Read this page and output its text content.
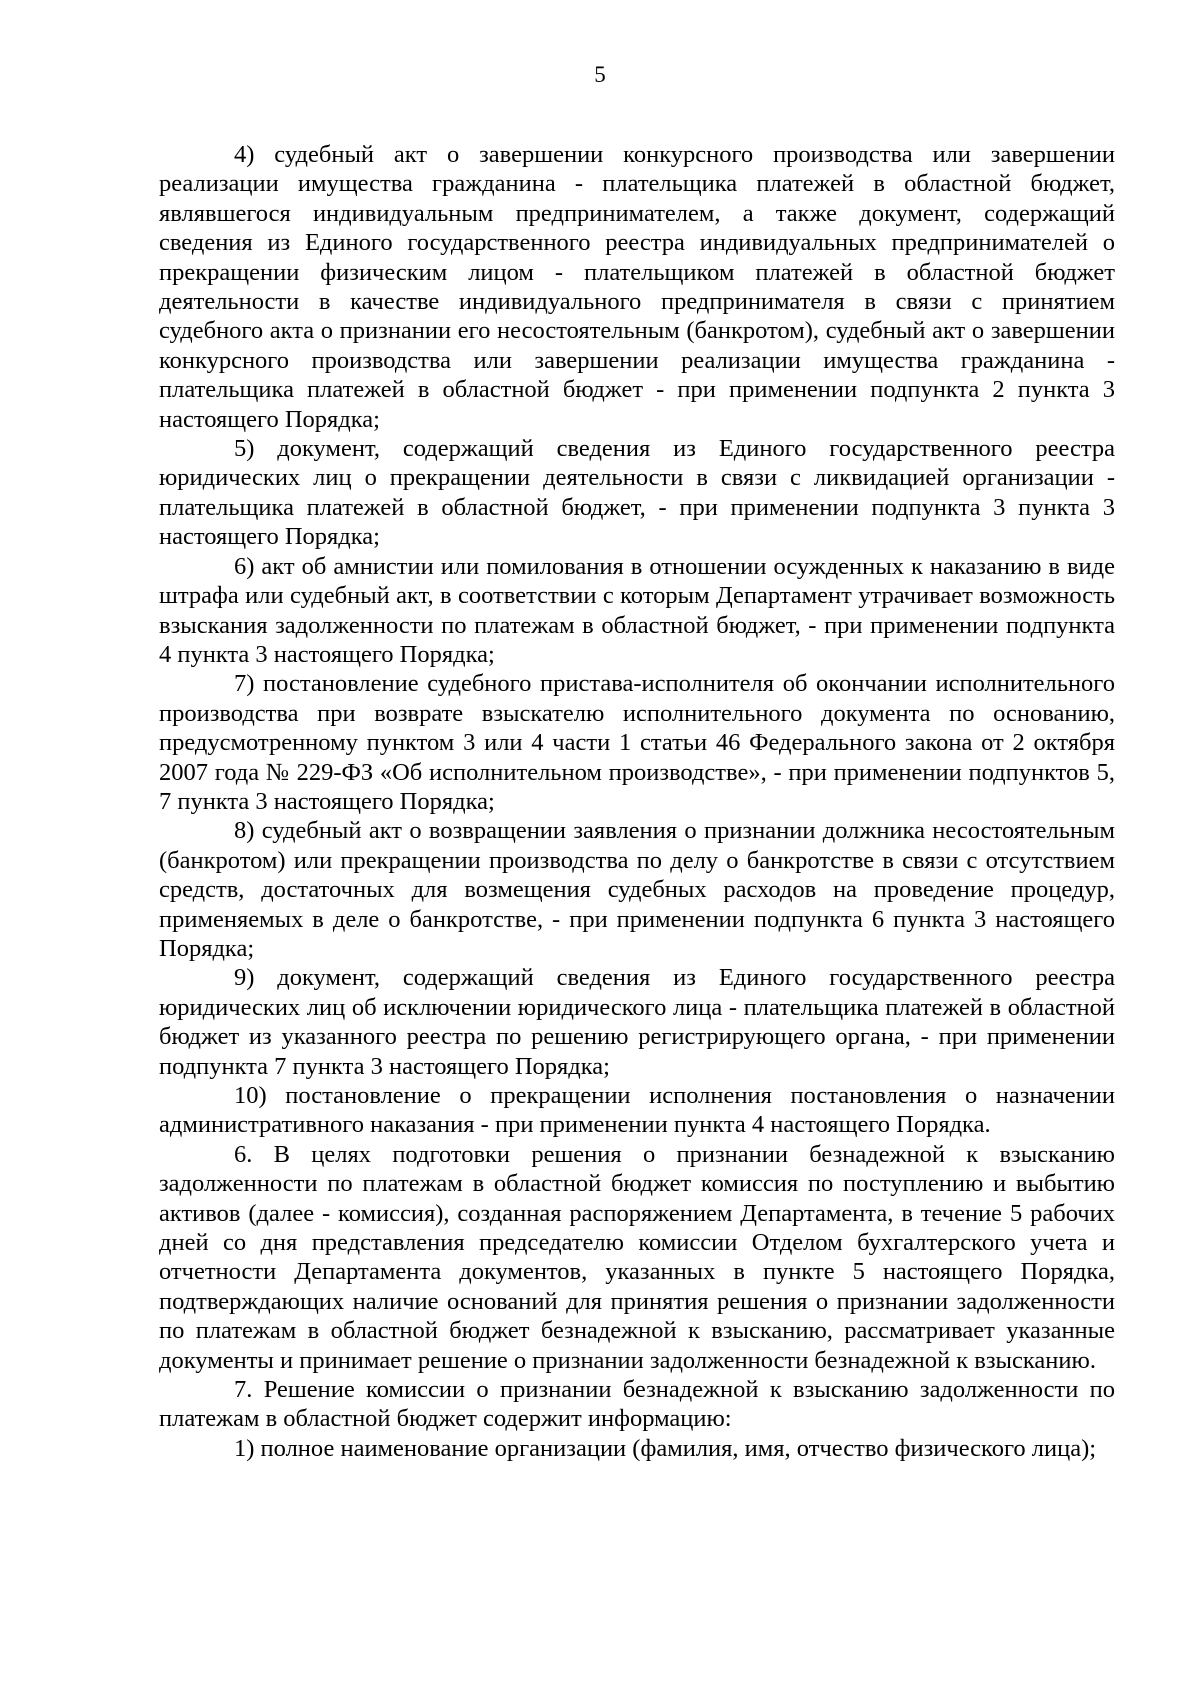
5

4) судебный акт о завершении конкурсного производства или завершении реализации имущества гражданина - плательщика платежей в областной бюджет, являвшегося индивидуальным предпринимателем, а также документ, содержащий сведения из Единого государственного реестра индивидуальных предпринимателей о прекращении физическим лицом - плательщиком платежей в областной бюджет деятельности в качестве индивидуального предпринимателя в связи с принятием судебного акта о признании его несостоятельным (банкротом), судебный акт о завершении конкурсного производства или завершении реализации имущества гражданина - плательщика платежей в областной бюджет - при применении подпункта 2 пункта 3 настоящего Порядка;

5) документ, содержащий сведения из Единого государственного реестра юридических лиц о прекращении деятельности в связи с ликвидацией организации - плательщика платежей в областной бюджет, - при применении подпункта 3 пункта 3 настоящего Порядка;

6) акт об амнистии или помилования в отношении осужденных к наказанию в виде штрафа или судебный акт, в соответствии с которым Департамент утрачивает возможность взыскания задолженности по платежам в областной бюджет, - при применении подпункта 4 пункта 3 настоящего Порядка;

7) постановление судебного пристава-исполнителя об окончании исполнительного производства при возврате взыскателю исполнительного документа по основанию, предусмотренному пунктом 3 или 4 части 1 статьи 46 Федерального закона от 2 октября 2007 года № 229-ФЗ «Об исполнительном производстве», - при применении подпунктов 5, 7 пункта 3 настоящего Порядка;

8) судебный акт о возвращении заявления о признании должника несостоятельным (банкротом) или прекращении производства по делу о банкротстве в связи с отсутствием средств, достаточных для возмещения судебных расходов на проведение процедур, применяемых в деле о банкротстве, - при применении подпункта 6 пункта 3 настоящего Порядка;

9) документ, содержащий сведения из Единого государственного реестра юридических лиц об исключении юридического лица - плательщика платежей в областной бюджет из указанного реестра по решению регистрирующего органа, - при применении подпункта 7 пункта 3 настоящего Порядка;

10) постановление о прекращении исполнения постановления о назначении административного наказания - при применении пункта 4 настоящего Порядка.

6. В целях подготовки решения о признании безнадежной к взысканию задолженности по платежам в областной бюджет комиссия по поступлению и выбытию активов (далее - комиссия), созданная распоряжением Департамента, в течение 5 рабочих дней со дня представления председателю комиссии Отделом бухгалтерского учета и отчетности Департамента документов, указанных в пункте 5 настоящего Порядка, подтверждающих наличие оснований для принятия решения о признании задолженности по платежам в областной бюджет безнадежной к взысканию, рассматривает указанные документы и принимает решение о признании задолженности безнадежной к взысканию.

7. Решение комиссии о признании безнадежной к взысканию задолженности по платежам в областной бюджет содержит информацию:

1) полное наименование организации (фамилия, имя, отчество физического лица);
